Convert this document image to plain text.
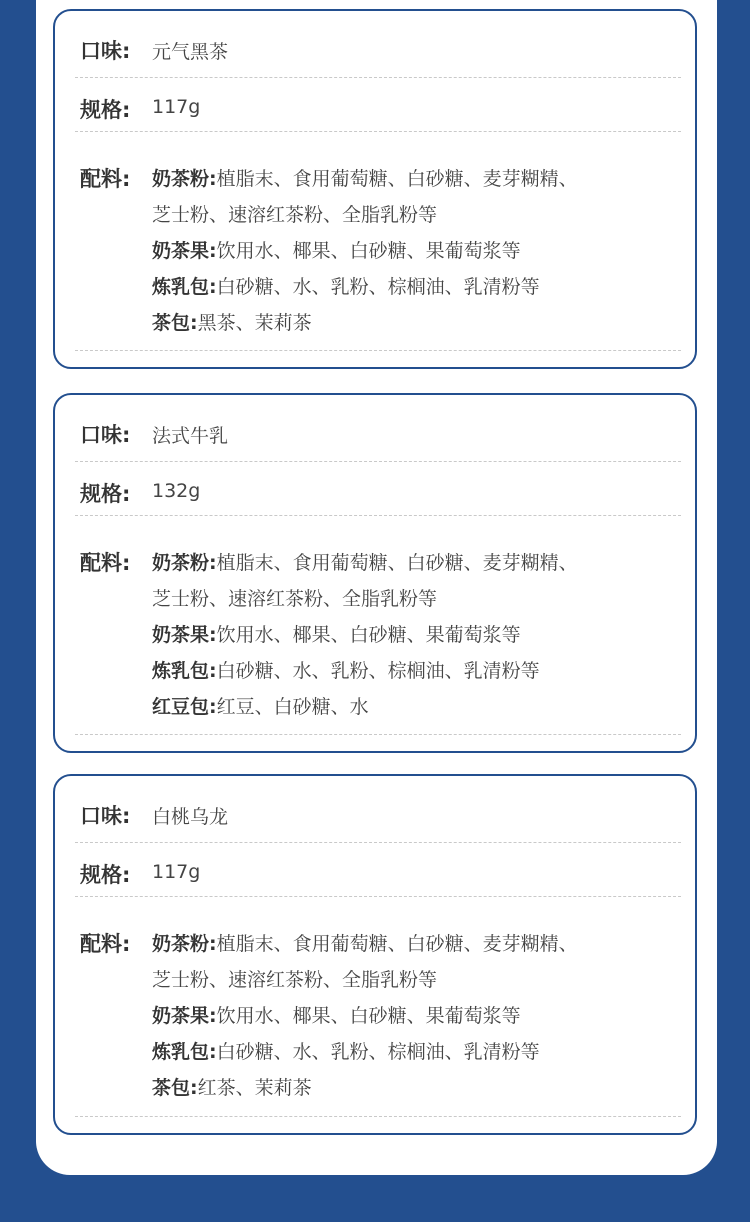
口味: 元气黑茶
规格: 117g
配料: 奶茶粉:植脂末、食用葡萄糖、白砂糖、麦芽糊精、
芝士粉、速溶红茶粉、全脂乳粉等
奶茶果:饮用水、椰果、白砂糖、果葡萄浆等
炼乳包:白砂糖、水、乳粉、棕榈油、乳清粉等
茶包:黑茶、茉莉茶
口味: 法式牛乳
规格: 132g
配料: 奶茶粉:植脂末、食用葡萄糖、白砂糖、麦芽糊精、
芝士粉、速溶红茶粉、全脂乳粉等
奶茶果:饮用水、椰果、白砂糖、果葡萄浆等
炼乳包:白砂糖、水、乳粉、棕榈油、乳清粉等
红豆包:红豆、白砂糖、水
口味: 白桃乌龙
规格: 117g
配料: 奶茶粉:植脂末、食用葡萄糖、白砂糖、麦芽糊精、
芝士粉、速溶红茶粉、全脂乳粉等
奶茶果:饮用水、椰果、白砂糖、果葡萄浆等
炼乳包:白砂糖、水、乳粉、棕榈油、乳清粉等
茶包:红茶、茉莉茶
